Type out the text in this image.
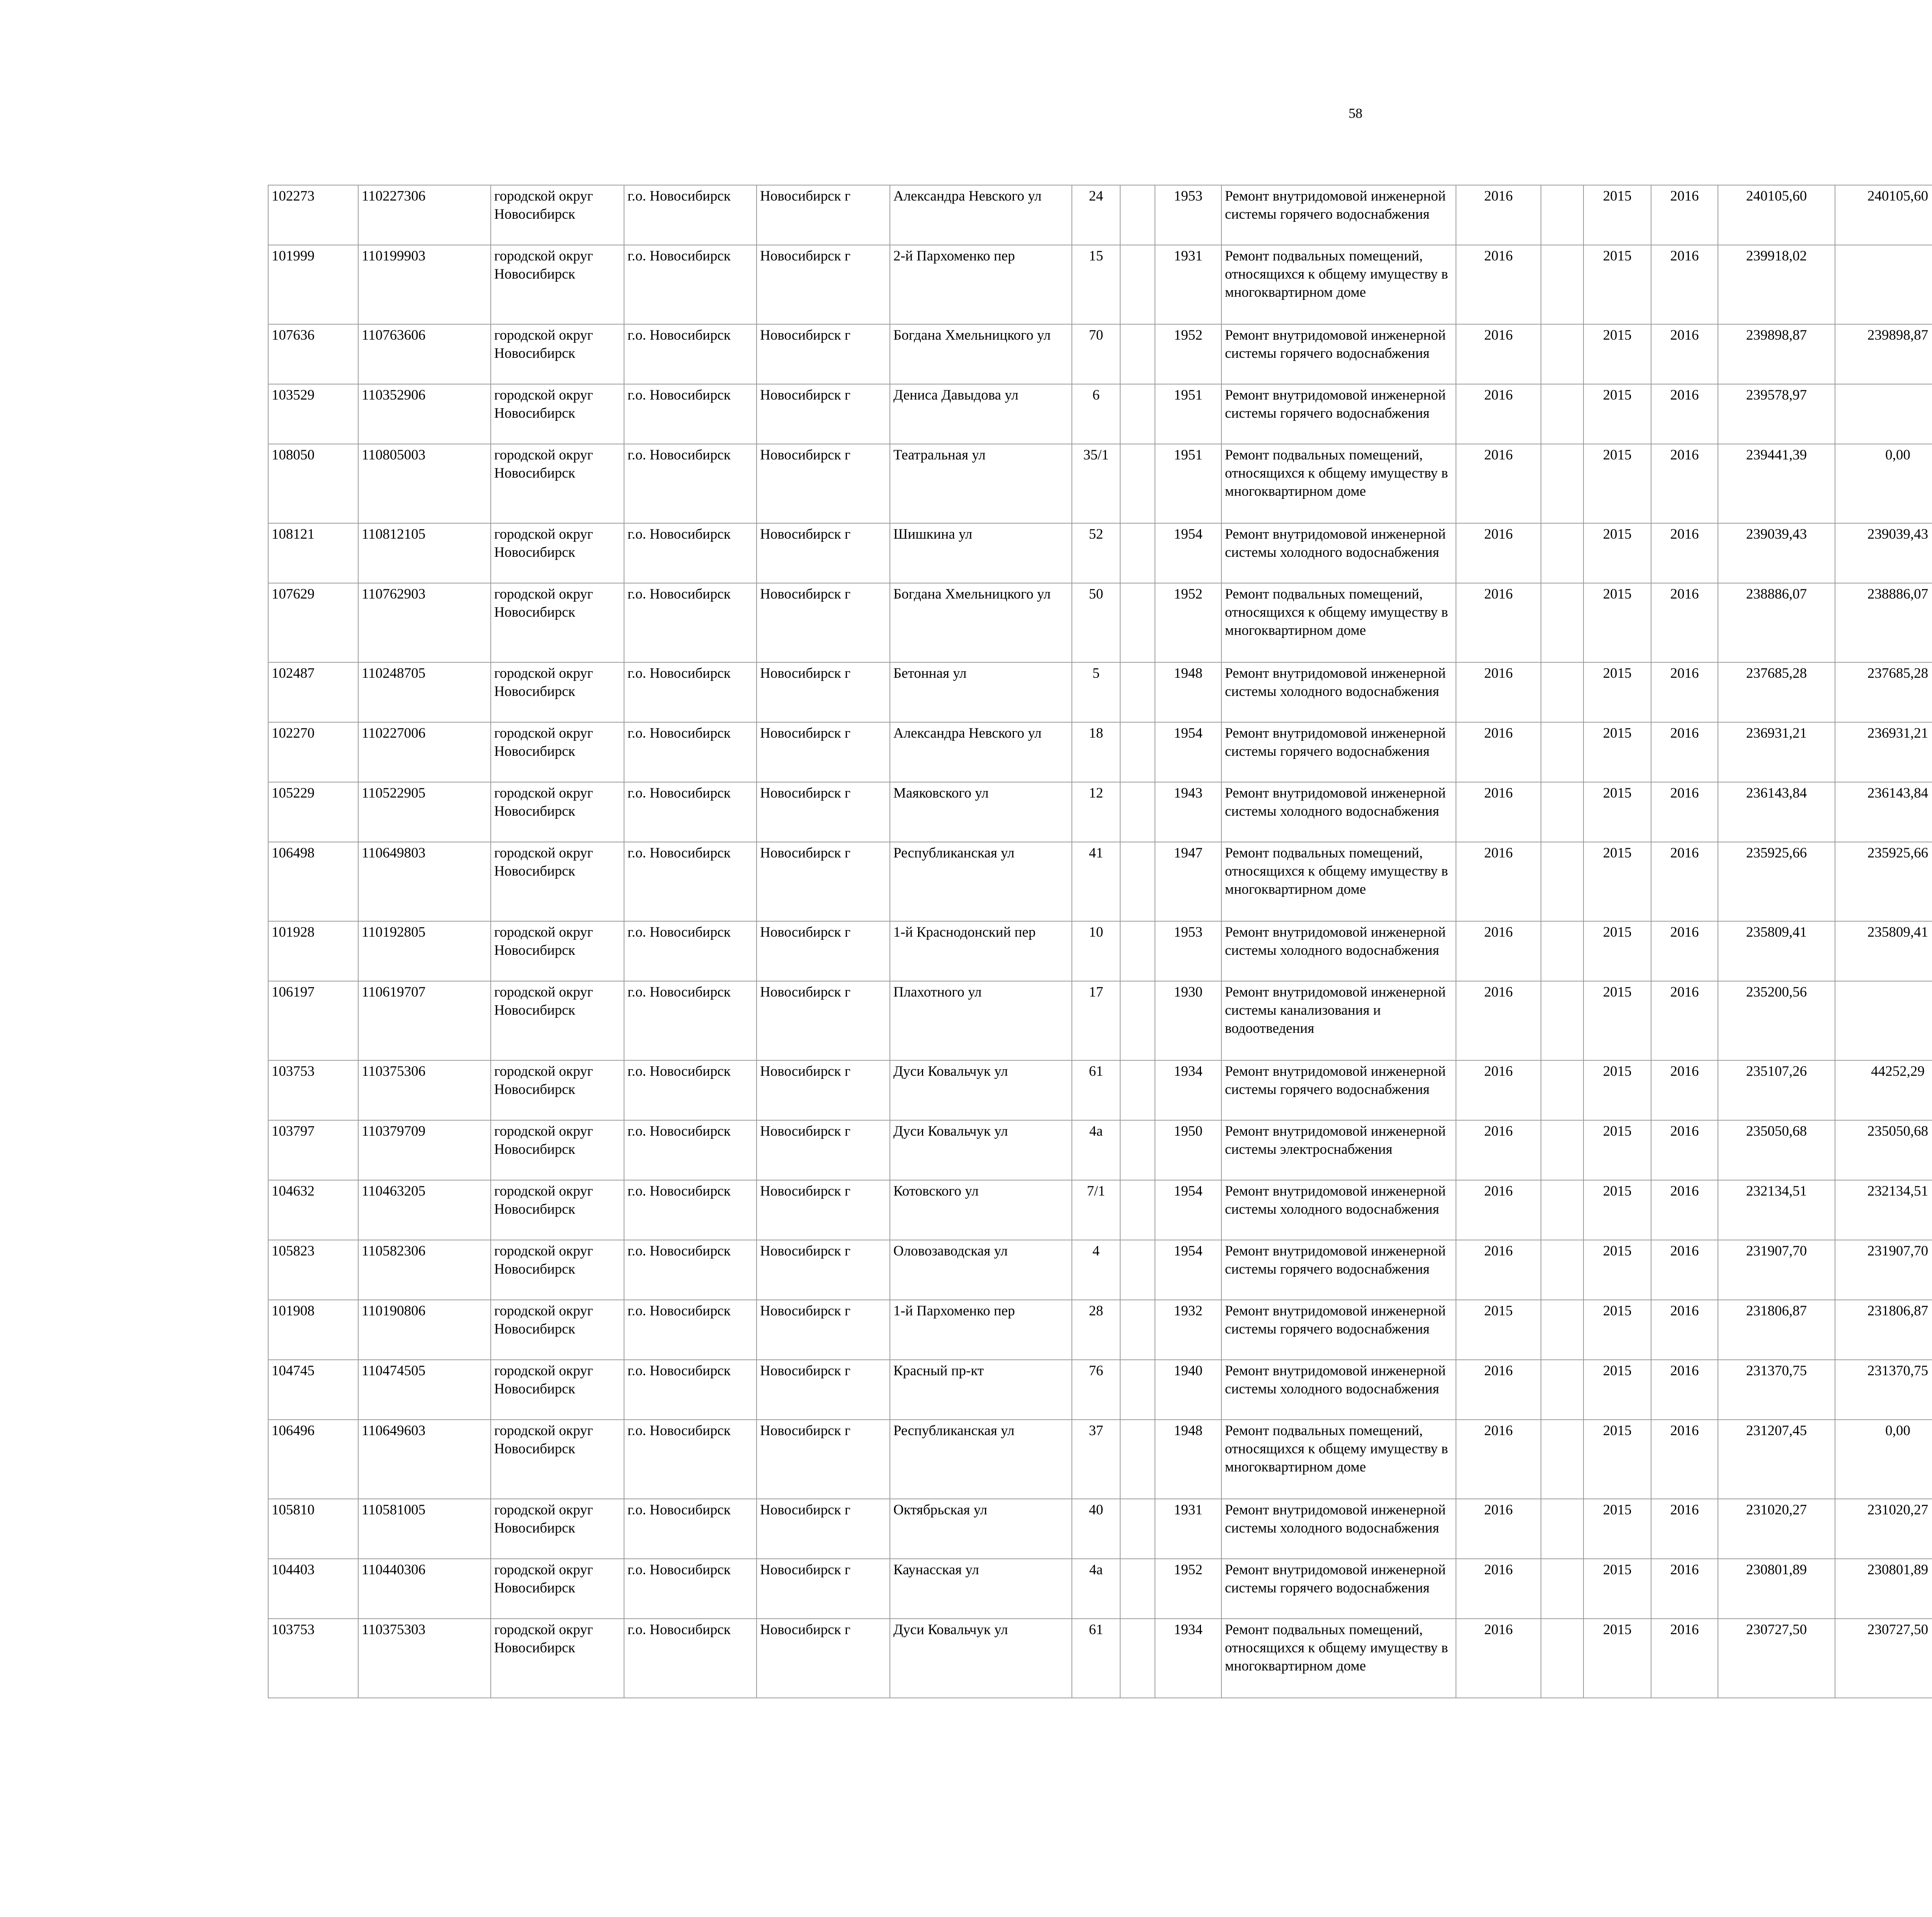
58
102273	110227306	городской округ Новосибирск	г.о. Новосибирск	Новосибирск г	Александра Невского ул	24		1953	Ремонт внутридомовой инженерной системы горячего водоснабжения	2016		2015	2016	240105,60	240105,60						
101999	110199903	городской округ Новосибирск	г.о. Новосибирск	Новосибирск г	2-й Пархоменко пер	15		1931	Ремонт подвальных помещений, относящихся к общему имуществу в многоквартирном доме	2016		2015	2016	239918,02							
107636	110763606	городской округ Новосибирск	г.о. Новосибирск	Новосибирск г	Богдана Хмельницкого ул	70		1952	Ремонт внутридомовой инженерной системы горячего водоснабжения	2016		2015	2016	239898,87	239898,87						
103529	110352906	городской округ Новосибирск	г.о. Новосибирск	Новосибирск г	Дениса Давыдова ул	6		1951	Ремонт внутридомовой инженерной системы горячего водоснабжения	2016		2015	2016	239578,97							
108050	110805003	городской округ Новосибирск	г.о. Новосибирск	Новосибирск г	Театральная ул	35/1		1951	Ремонт подвальных помещений, относящихся к общему имуществу в многоквартирном доме	2016		2015	2016	239441,39	0,00						
108121	110812105	городской округ Новосибирск	г.о. Новосибирск	Новосибирск г	Шишкина ул	52		1954	Ремонт внутридомовой инженерной системы холодного водоснабжения	2016		2015	2016	239039,43	239039,43						
107629	110762903	городской округ Новосибирск	г.о. Новосибирск	Новосибирск г	Богдана Хмельницкого ул	50		1952	Ремонт подвальных помещений, относящихся к общему имуществу в многоквартирном доме	2016		2015	2016	238886,07	238886,07						
102487	110248705	городской округ Новосибирск	г.о. Новосибирск	Новосибирск г	Бетонная ул	5		1948	Ремонт внутридомовой инженерной системы холодного водоснабжения	2016		2015	2016	237685,28	237685,28						
102270	110227006	городской округ Новосибирск	г.о. Новосибирск	Новосибирск г	Александра Невского ул	18		1954	Ремонт внутридомовой инженерной системы горячего водоснабжения	2016		2015	2016	236931,21	236931,21						
105229	110522905	городской округ Новосибирск	г.о. Новосибирск	Новосибирск г	Маяковского ул	12		1943	Ремонт внутридомовой инженерной системы холодного водоснабжения	2016		2015	2016	236143,84	236143,84						
106498	110649803	городской округ Новосибирск	г.о. Новосибирск	Новосибирск г	Республиканская ул	41		1947	Ремонт подвальных помещений, относящихся к общему имуществу в многоквартирном доме	2016		2015	2016	235925,66	235925,66						
101928	110192805	городской округ Новосибирск	г.о. Новосибирск	Новосибирск г	1-й Краснодонский пер	10		1953	Ремонт внутридомовой инженерной системы холодного водоснабжения	2016		2015	2016	235809,41	235809,41						
106197	110619707	городской округ Новосибирск	г.о. Новосибирск	Новосибирск г	Плахотного ул	17		1930	Ремонт внутридомовой инженерной системы канализования и водоотведения	2016		2015	2016	235200,56							
103753	110375306	городской округ Новосибирск	г.о. Новосибирск	Новосибирск г	Дуси Ковальчук ул	61		1934	Ремонт внутридомовой инженерной системы горячего водоснабжения	2016		2015	2016	235107,26	44252,29						
103797	110379709	городской округ Новосибирск	г.о. Новосибирск	Новосибирск г	Дуси Ковальчук ул	4а		1950	Ремонт внутридомовой инженерной системы электроснабжения	2016		2015	2016	235050,68	235050,68						
104632	110463205	городской округ Новосибирск	г.о. Новосибирск	Новосибирск г	Котовского ул	7/1		1954	Ремонт внутридомовой инженерной системы холодного водоснабжения	2016		2015	2016	232134,51	232134,51						
105823	110582306	городской округ Новосибирск	г.о. Новосибирск	Новосибирск г	Оловозаводская ул	4		1954	Ремонт внутридомовой инженерной системы горячего водоснабжения	2016		2015	2016	231907,70	231907,70						
101908	110190806	городской округ Новосибирск	г.о. Новосибирск	Новосибирск г	1-й Пархоменко пер	28		1932	Ремонт внутридомовой инженерной системы горячего водоснабжения	2015		2015	2016	231806,87	231806,87						
104745	110474505	городской округ Новосибирск	г.о. Новосибирск	Новосибирск г	Красный пр-кт	76		1940	Ремонт внутридомовой инженерной системы холодного водоснабжения	2016		2015	2016	231370,75	231370,75						
106496	110649603	городской округ Новосибирск	г.о. Новосибирск	Новосибирск г	Республиканская ул	37		1948	Ремонт подвальных помещений, относящихся к общему имуществу в многоквартирном доме	2016		2015	2016	231207,45	0,00						
105810	110581005	городской округ Новосибирск	г.о. Новосибирск	Новосибирск г	Октябрьская ул	40		1931	Ремонт внутридомовой инженерной системы холодного водоснабжения	2016		2015	2016	231020,27	231020,27						
104403	110440306	городской округ Новосибирск	г.о. Новосибирск	Новосибирск г	Каунасская ул	4а		1952	Ремонт внутридомовой инженерной системы горячего водоснабжения	2016		2015	2016	230801,89	230801,89						
103753	110375303	городской округ Новосибирск	г.о. Новосибирск	Новосибирск г	Дуси Ковальчук ул	61		1934	Ремонт подвальных помещений, относящихся к общему имуществу в многоквартирном доме	2016		2015	2016	230727,50	230727,50						
